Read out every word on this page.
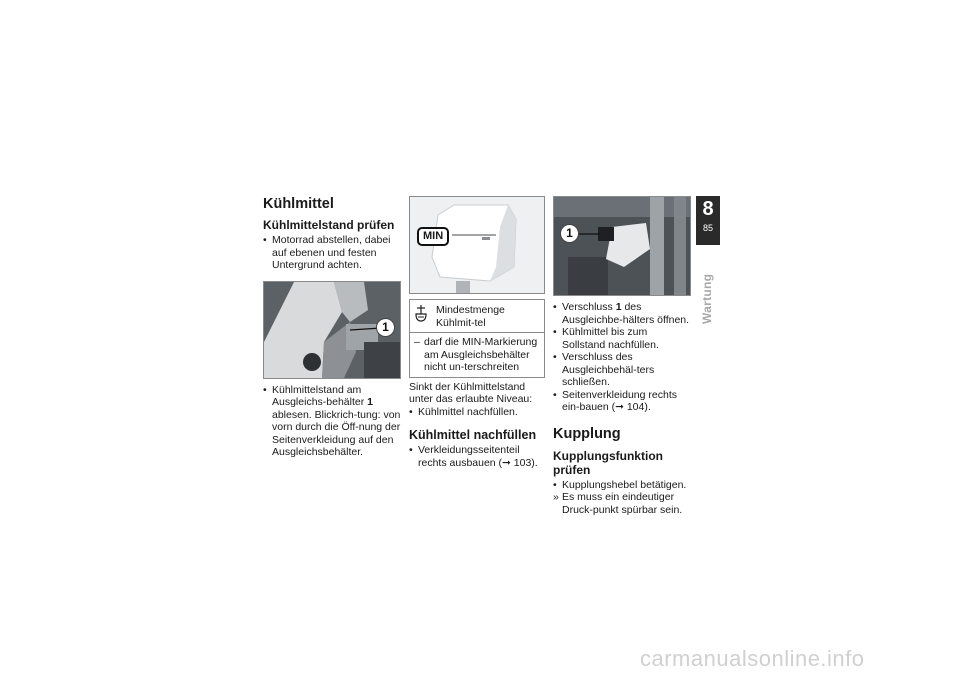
Kühlmittel
Kühlmittelstand prüfen
• Motorrad abstellen, dabei auf ebenen und festen Untergrund achten.
1
• Kühlmittelstand am Ausgleichs-behälter 1 ablesen. Blickrich-tung: von vorn durch die Öff-nung der Seitenverkleidung auf den Ausgleichsbehälter.
MIN
Mindestmenge Kühlmit-tel
– darf die MIN-Markierung am Ausgleichsbehälter nicht un-terschreiten

Sinkt der Kühlmittelstand unter das erlaubte Niveau:

• Kühlmittel nachfüllen.
Kühlmittel nachfüllen
• Verkleidungsseitenteil rechts ausbauen (➞ 103).
1
• Verschluss 1 des Ausgleichbe-hälters öffnen.
• Kühlmittel bis zum Sollstand nachfüllen.
• Verschluss des Ausgleichbehäl-ters schließen.
• Seitenverkleidung rechts ein-bauen (➞ 104).
Kupplung
Kupplungsfunktion prüfen
• Kupplungshebel betätigen.
» Es muss ein eindeutiger Druck-punkt spürbar sein.
8
85
Wartung
carmanualsonline.info
